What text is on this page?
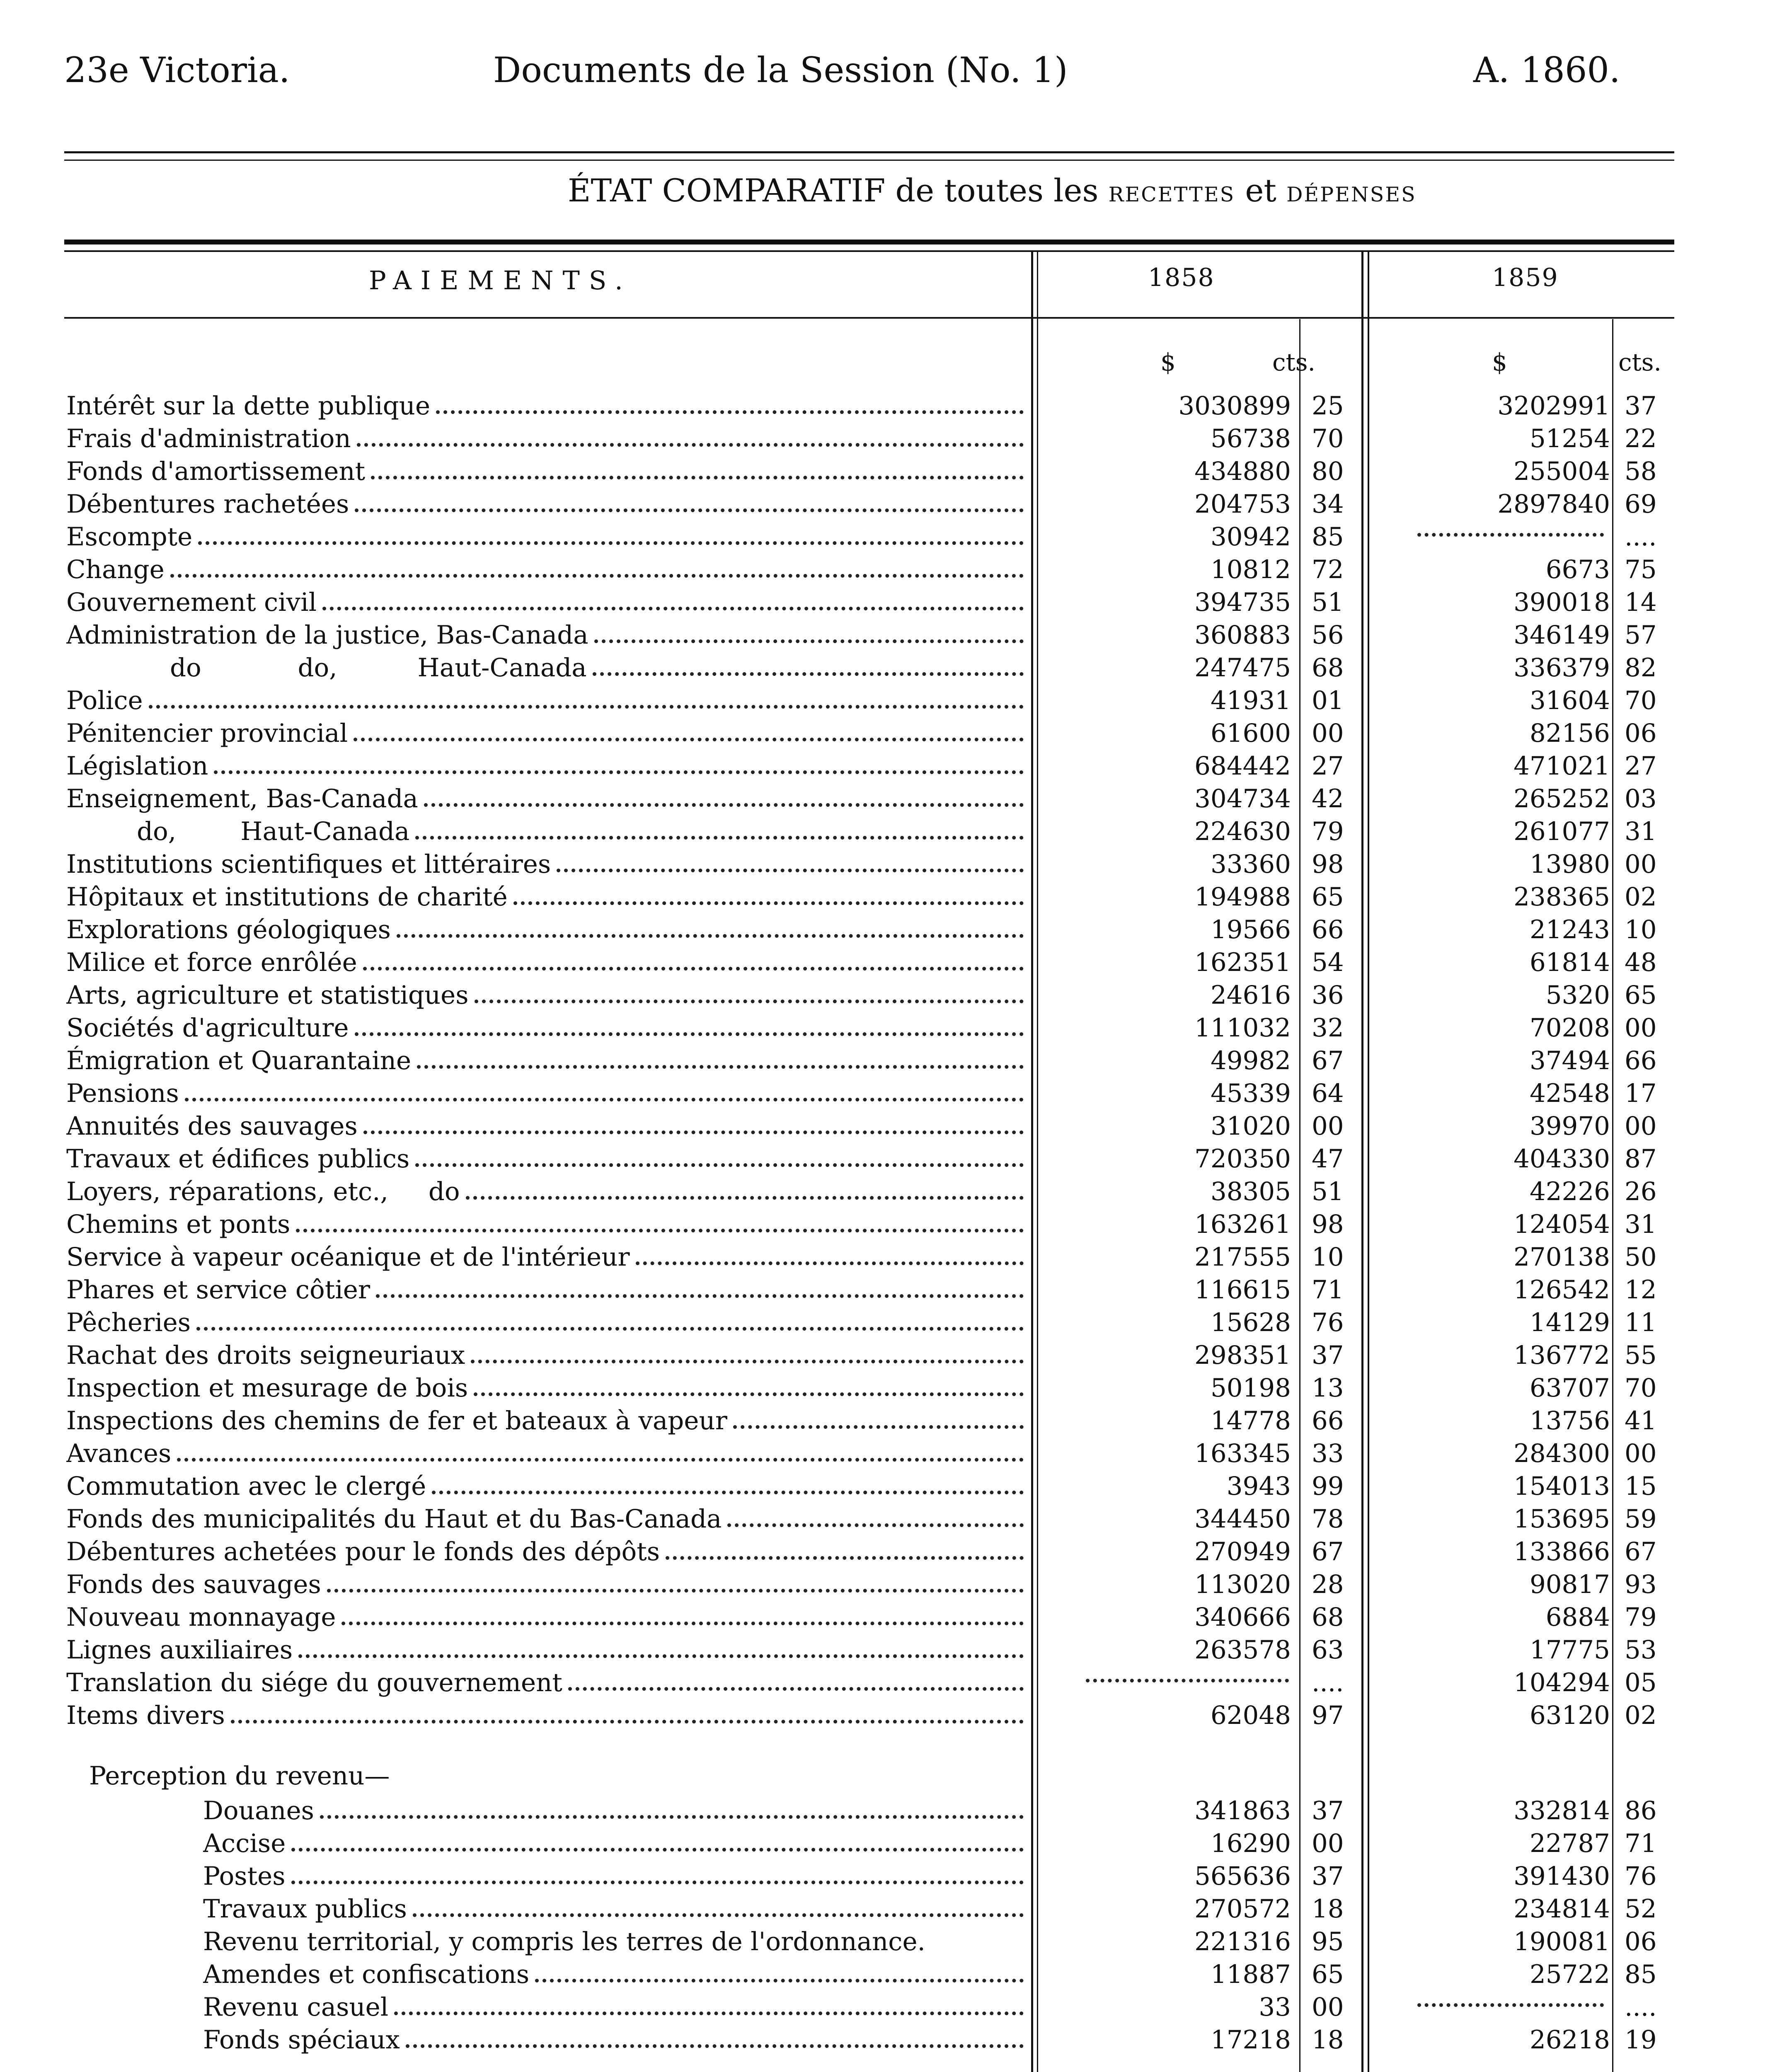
23e Victoria.	Documents de la Session (No. 1)	A. 1860.
ÉTAT COMPARATIF de toutes les recettes et dépenses
PAIEMENTS.	1858	1859
$	cts.	$	cts.
Intérêt sur la dette publique	3030899 25	3202991 37
Frais d'administration	56738 70	51254 22
Fonds d'amortissement	434880 80	255004 58
Débentures rachetées	204753 34	2897840 69
Escompte	30942 85	....
Change	10812 72	6673 75
Gouvernement civil	394735 51	390018 14
Administration de la justice, Bas-Canada	360883 56	346149 57
do            do,          Haut-Canada	247475 68	336379 82
Police	41931 01	31604 70
Pénitencier provincial	61600 00	82156 06
Législation	684442 27	471021 27
Enseignement, Bas-Canada	304734 42	265252 03
do,        Haut-Canada	224630 79	261077 31
Institutions scientifiques et littéraires	33360 98	13980 00
Hôpitaux et institutions de charité	194988 65	238365 02
Explorations géologiques	19566 66	21243 10
Milice et force enrôlée	162351 54	61814 48
Arts, agriculture et statistiques	24616 36	5320 65
Sociétés d'agriculture	111032 32	70208 00
Émigration et Quarantaine	49982 67	37494 66
Pensions	45339 64	42548 17
Annuités des sauvages	31020 00	39970 00
Travaux et édifices publics	720350 47	404330 87
Loyers, réparations, etc.,     do	38305 51	42226 26
Chemins et ponts	163261 98	124054 31
Service à vapeur océanique et de l'intérieur	217555 10	270138 50
Phares et service côtier	116615 71	126542 12
Pêcheries	15628 76	14129 11
Rachat des droits seigneuriaux	298351 37	136772 55
Inspection et mesurage de bois	50198 13	63707 70
Inspections des chemins de fer et bateaux à vapeur	14778 66	13756 41
Avances	163345 33	284300 00
Commutation avec le clergé	3943 99	154013 15
Fonds des municipalités du Haut et du Bas-Canada	344450 78	153695 59
Débentures achetées pour le fonds des dépôts	270949 67	133866 67
Fonds des sauvages	113020 28	90817 93
Nouveau monnayage	340666 68	6884 79
Lignes auxiliaires	263578 63	17775 53
Translation du siége du gouvernement	....	104294 05
Items divers	62048 97	63120 02
Perception du revenu—
Douanes	341863 37	332814 86
Accise	16290 00	22787 71
Postes	565636 37	391430 76
Travaux publics	270572 18	234814 52
Revenu territorial, y compris les terres de l'ordonnance.	221316 95	190081 06
Amendes et confiscations	11887 65	25722 85
Revenu casuel	33 00	....
Fonds spéciaux	17218 18	26218 19
